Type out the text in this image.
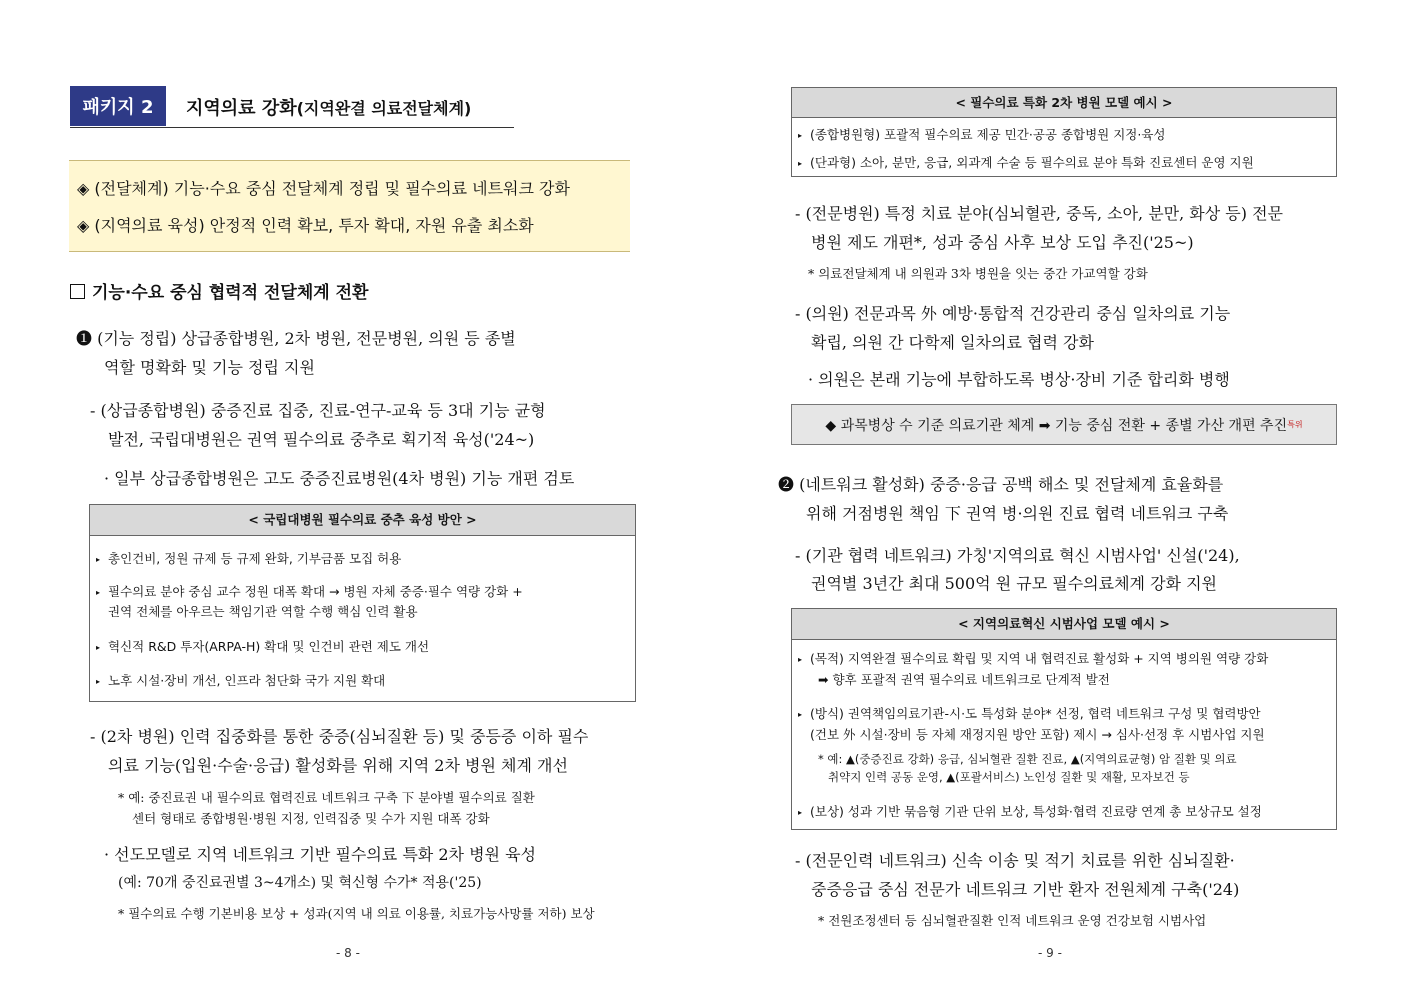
패키지 2	지역의료 강화(지역완결 의료전달체계)
◈ (전달체계) 기능·수요 중심 전달체계 정립 및 필수의료 네트워크 강화
◈ (지역의료 육성) 안정적 인력 확보, 투자 확대, 자원 유출 최소화
기능·수요 중심 협력적 전달체계 전환
❶ (기능 정립) 상급종합병원, 2차 병원, 전문병원, 의원 등 종별
역할 명확화 및 기능 정립 지원
- (상급종합병원) 중증진료 집중, 진료-연구-교육 등 3대 기능 균형
발전, 국립대병원은 권역 필수의료 중추로 획기적 육성('24~)
· 일부 상급종합병원은 고도 중증진료병원(4차 병원) 기능 개편 검토
< 국립대병원 필수의료 중추 육성 방안 >
▸ 총인건비, 정원 규제 등 규제 완화, 기부금품 모집 허용
▸ 필수의료 분야 중심 교수 정원 대폭 확대 → 병원 자체 중증·필수 역량 강화 +
권역 전체를 아우르는 책임기관 역할 수행 핵심 인력 활용
▸ 혁신적 R&D 투자(ARPA-H) 확대 및 인건비 관련 제도 개선
▸ 노후 시설·장비 개선, 인프라 첨단화 국가 지원 확대
- (2차 병원) 인력 집중화를 통한 중증(심뇌질환 등) 및 중등증 이하 필수
의료 기능(입원·수술·응급) 활성화를 위해 지역 2차 병원 체계 개선
* 예: 중진료권 내 필수의료 협력진료 네트워크 구축 下 분야별 필수의료 질환
센터 형태로 종합병원·병원 지정, 인력집중 및 수가 지원 대폭 강화
· 선도모델로 지역 네트워크 기반 필수의료 특화 2차 병원 육성
(예: 70개 중진료권별 3~4개소) 및 혁신형 수가* 적용('25)
* 필수의료 수행 기본비용 보상 + 성과(지역 내 의료 이용률, 치료가능사망률 저하) 보상
- 8 -
< 필수의료 특화 2차 병원 모델 예시 >
▸ (종합병원형) 포괄적 필수의료 제공 민간·공공 종합병원 지정·육성
▸ (단과형) 소아, 분만, 응급, 외과계 수술 등 필수의료 분야 특화 진료센터 운영 지원
- (전문병원) 특정 치료 분야(심뇌혈관, 중독, 소아, 분만, 화상 등) 전문
병원 제도 개편*, 성과 중심 사후 보상 도입 추진('25~)
* 의료전달체계 내 의원과 3차 병원을 잇는 중간 가교역할 강화
- (의원) 전문과목 外 예방·통합적 건강관리 중심 일차의료 기능
확립, 의원 간 다학제 일차의료 협력 강화
· 의원은 본래 기능에 부합하도록 병상·장비 기준 합리화 병행
◆ 과목병상 수 기준 의료기관 체계 ➡ 기능 중심 전환 + 종별 가산 개편 추진 특위
❷ (네트워크 활성화) 중증·응급 공백 해소 및 전달체계 효율화를
위해 거점병원 책임 下 권역 병·의원 진료 협력 네트워크 구축
- (기관 협력 네트워크) 가칭'지역의료 혁신 시범사업' 신설('24),
권역별 3년간 최대 500억 원 규모 필수의료체계 강화 지원
< 지역의료혁신 시범사업 모델 예시 >
▸ (목적) 지역완결 필수의료 확립 및 지역 내 협력진료 활성화 + 지역 병의원 역량 강화
➡ 향후 포괄적 권역 필수의료 네트워크로 단계적 발전
▸ (방식) 권역책임의료기관-시·도 특성화 분야* 선정, 협력 네트워크 구성 및 협력방안
(건보 外 시설·장비 등 자체 재정지원 방안 포함) 제시 → 심사·선정 후 시범사업 지원
* 예: ▲(중증진료 강화) 응급, 심뇌혈관 질환 진료, ▲(지역의료균형) 암 질환 및 의료
취약지 인력 공동 운영, ▲(포괄서비스) 노인성 질환 및 재활, 모자보건 등
▸ (보상) 성과 기반 묶음형 기관 단위 보상, 특성화·협력 진료량 연계 총 보상규모 설정
- (전문인력 네트워크) 신속 이송 및 적기 치료를 위한 심뇌질환·
중증응급 중심 전문가 네트워크 기반 환자 전원체계 구축('24)
* 전원조정센터 등 심뇌혈관질환 인적 네트워크 운영 건강보험 시범사업
- 9 -
